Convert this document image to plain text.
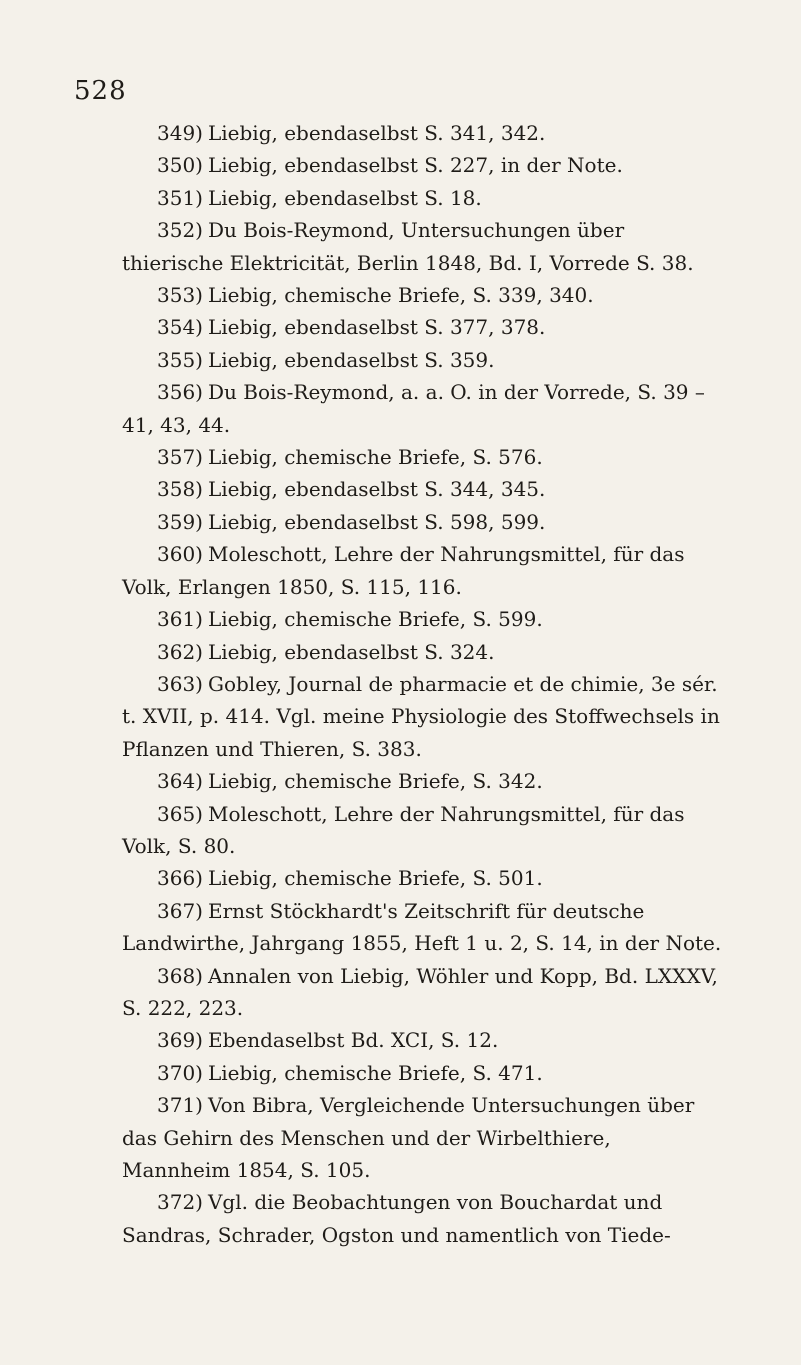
528

349) Liebig, ebendaselbst S. 341, 342.

350) Liebig, ebendaselbst S. 227, in der Note.

351) Liebig, ebendaselbst S. 18.

352) Du Bois-Reymond, Untersuchungen über thierische Elektricität, Berlin 1848, Bd. I, Vorrede S. 38.

353) Liebig, chemische Briefe, S. 339, 340.

354) Liebig, ebendaselbst S. 377, 378.

355) Liebig, ebendaselbst S. 359.

356) Du Bois-Reymond, a. a. O. in der Vorrede, S. 39 – 41, 43, 44.

357) Liebig, chemische Briefe, S. 576.

358) Liebig, ebendaselbst S. 344, 345.

359) Liebig, ebendaselbst S. 598, 599.

360) Moleschott, Lehre der Nahrungsmittel, für das Volk, Erlangen 1850, S. 115, 116.

361) Liebig, chemische Briefe, S. 599.

362) Liebig, ebendaselbst S. 324.

363) Gobley, Journal de pharmacie et de chimie, 3e sér. t. XVII, p. 414. Vgl. meine Physiologie des Stoffwechsels in Pflanzen und Thieren, S. 383.

364) Liebig, chemische Briefe, S. 342.

365) Moleschott, Lehre der Nahrungsmittel, für das Volk, S. 80.

366) Liebig, chemische Briefe, S. 501.

367) Ernst Stöckhardt's Zeitschrift für deutsche Landwirthe, Jahrgang 1855, Heft 1 u. 2, S. 14, in der Note.

368) Annalen von Liebig, Wöhler und Kopp, Bd. LXXXV, S. 222, 223.

369) Ebendaselbst Bd. XCI, S. 12.

370) Liebig, chemische Briefe, S. 471.

371) Von Bibra, Vergleichende Untersuchungen über das Gehirn des Menschen und der Wirbelthiere, Mannheim 1854, S. 105.

372) Vgl. die Beobachtungen von Bouchardat und Sandras, Schrader, Ogston und namentlich von Tiede-
